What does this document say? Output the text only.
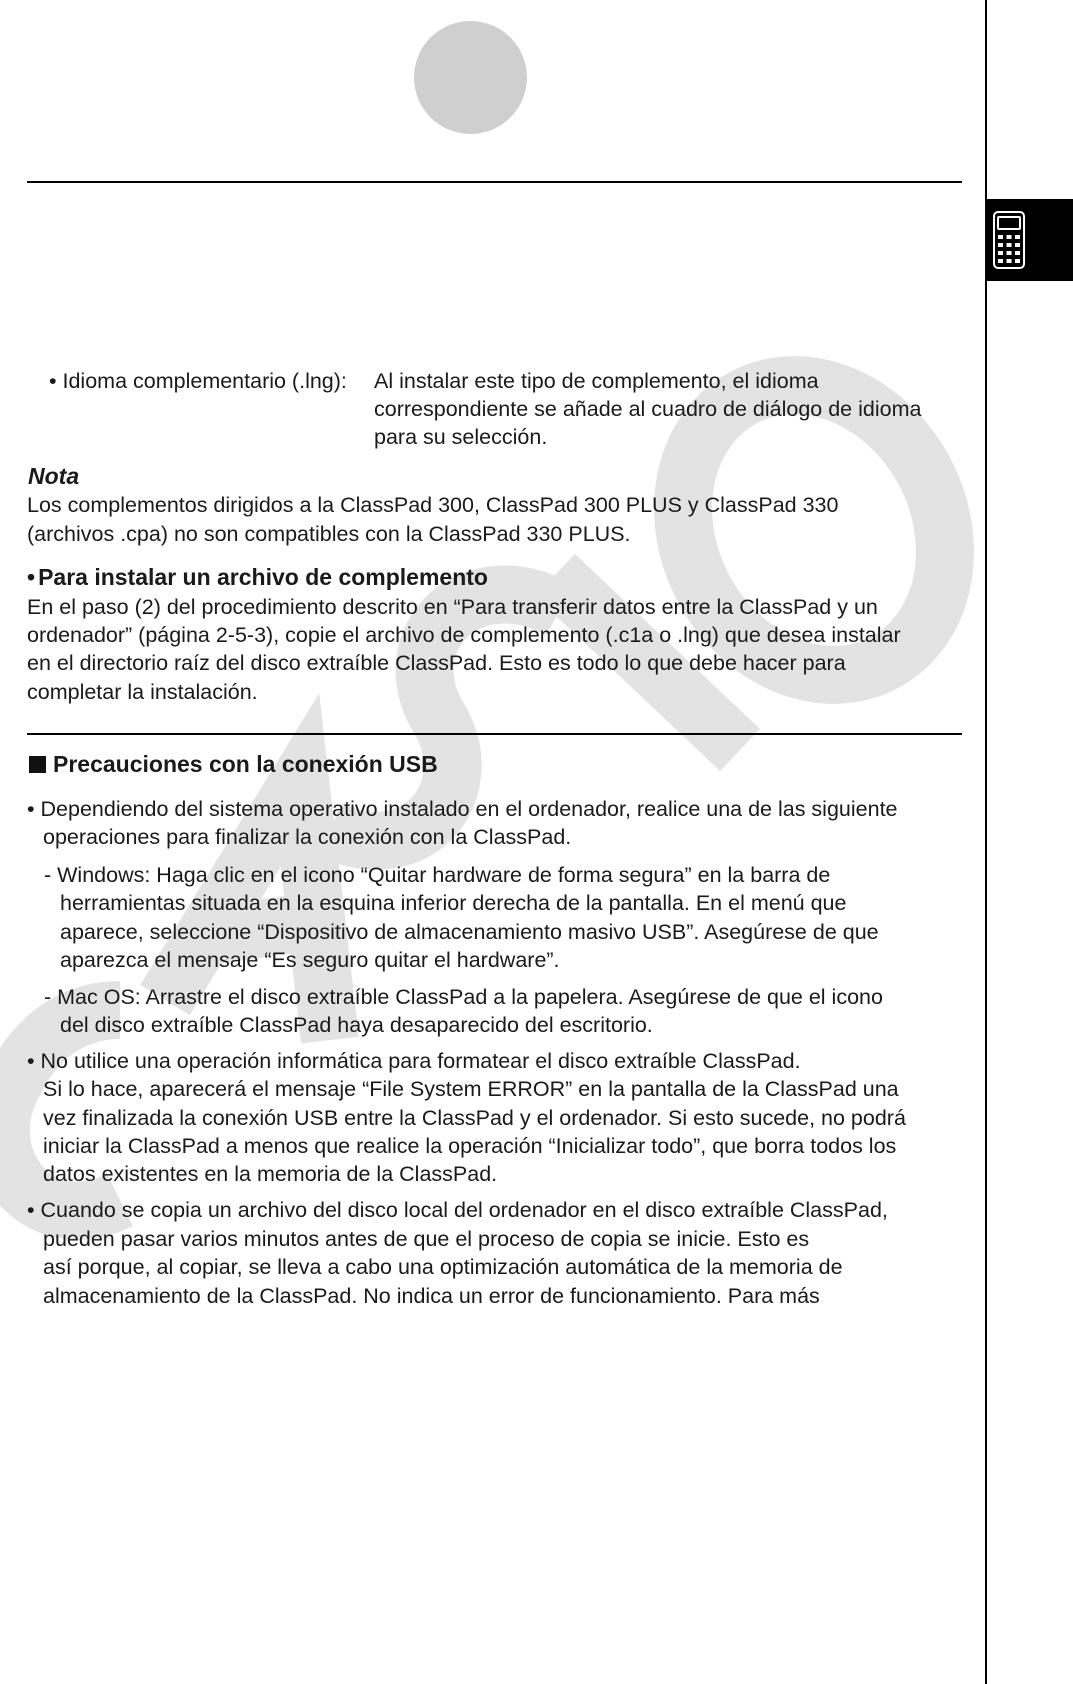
• Idioma complementario (.lng): Al instalar este tipo de complemento, el idioma
correspondiente se añade al cuadro de diálogo de idioma
para su selección.
Nota
Los complementos dirigidos a la ClassPad 300, ClassPad 300 PLUS y ClassPad 330
(archivos .cpa) no son compatibles con la ClassPad 330 PLUS.
• Para instalar un archivo de complemento
En el paso (2) del procedimiento descrito en “Para transferir datos entre la ClassPad y un
ordenador” (página 2-5-3), copie el archivo de complemento (.c1a o .lng) que desea instalar
en el directorio raíz del disco extraíble ClassPad. Esto es todo lo que debe hacer para
completar la instalación.
Precauciones con la conexión USB
• Dependiendo del sistema operativo instalado en el ordenador, realice una de las siguiente
operaciones para finalizar la conexión con la ClassPad.
- Windows: Haga clic en el icono “Quitar hardware de forma segura” en la barra de
herramientas situada en la esquina inferior derecha de la pantalla. En el menú que
aparece, seleccione “Dispositivo de almacenamiento masivo USB”. Asegúrese de que
aparezca el mensaje “Es seguro quitar el hardware”.
- Mac OS: Arrastre el disco extraíble ClassPad a la papelera. Asegúrese de que el icono
del disco extraíble ClassPad haya desaparecido del escritorio.
• No utilice una operación informática para formatear el disco extraíble ClassPad.
Si lo hace, aparecerá el mensaje “File System ERROR” en la pantalla de la ClassPad una
vez finalizada la conexión USB entre la ClassPad y el ordenador. Si esto sucede, no podrá
iniciar la ClassPad a menos que realice la operación “Inicializar todo”, que borra todos los
datos existentes en la memoria de la ClassPad.
• Cuando se copia un archivo del disco local del ordenador en el disco extraíble ClassPad,
pueden pasar varios minutos antes de que el proceso de copia se inicie. Esto es
así porque, al copiar, se lleva a cabo una optimización automática de la memoria de
almacenamiento de la ClassPad. No indica un error de funcionamiento. Para más
